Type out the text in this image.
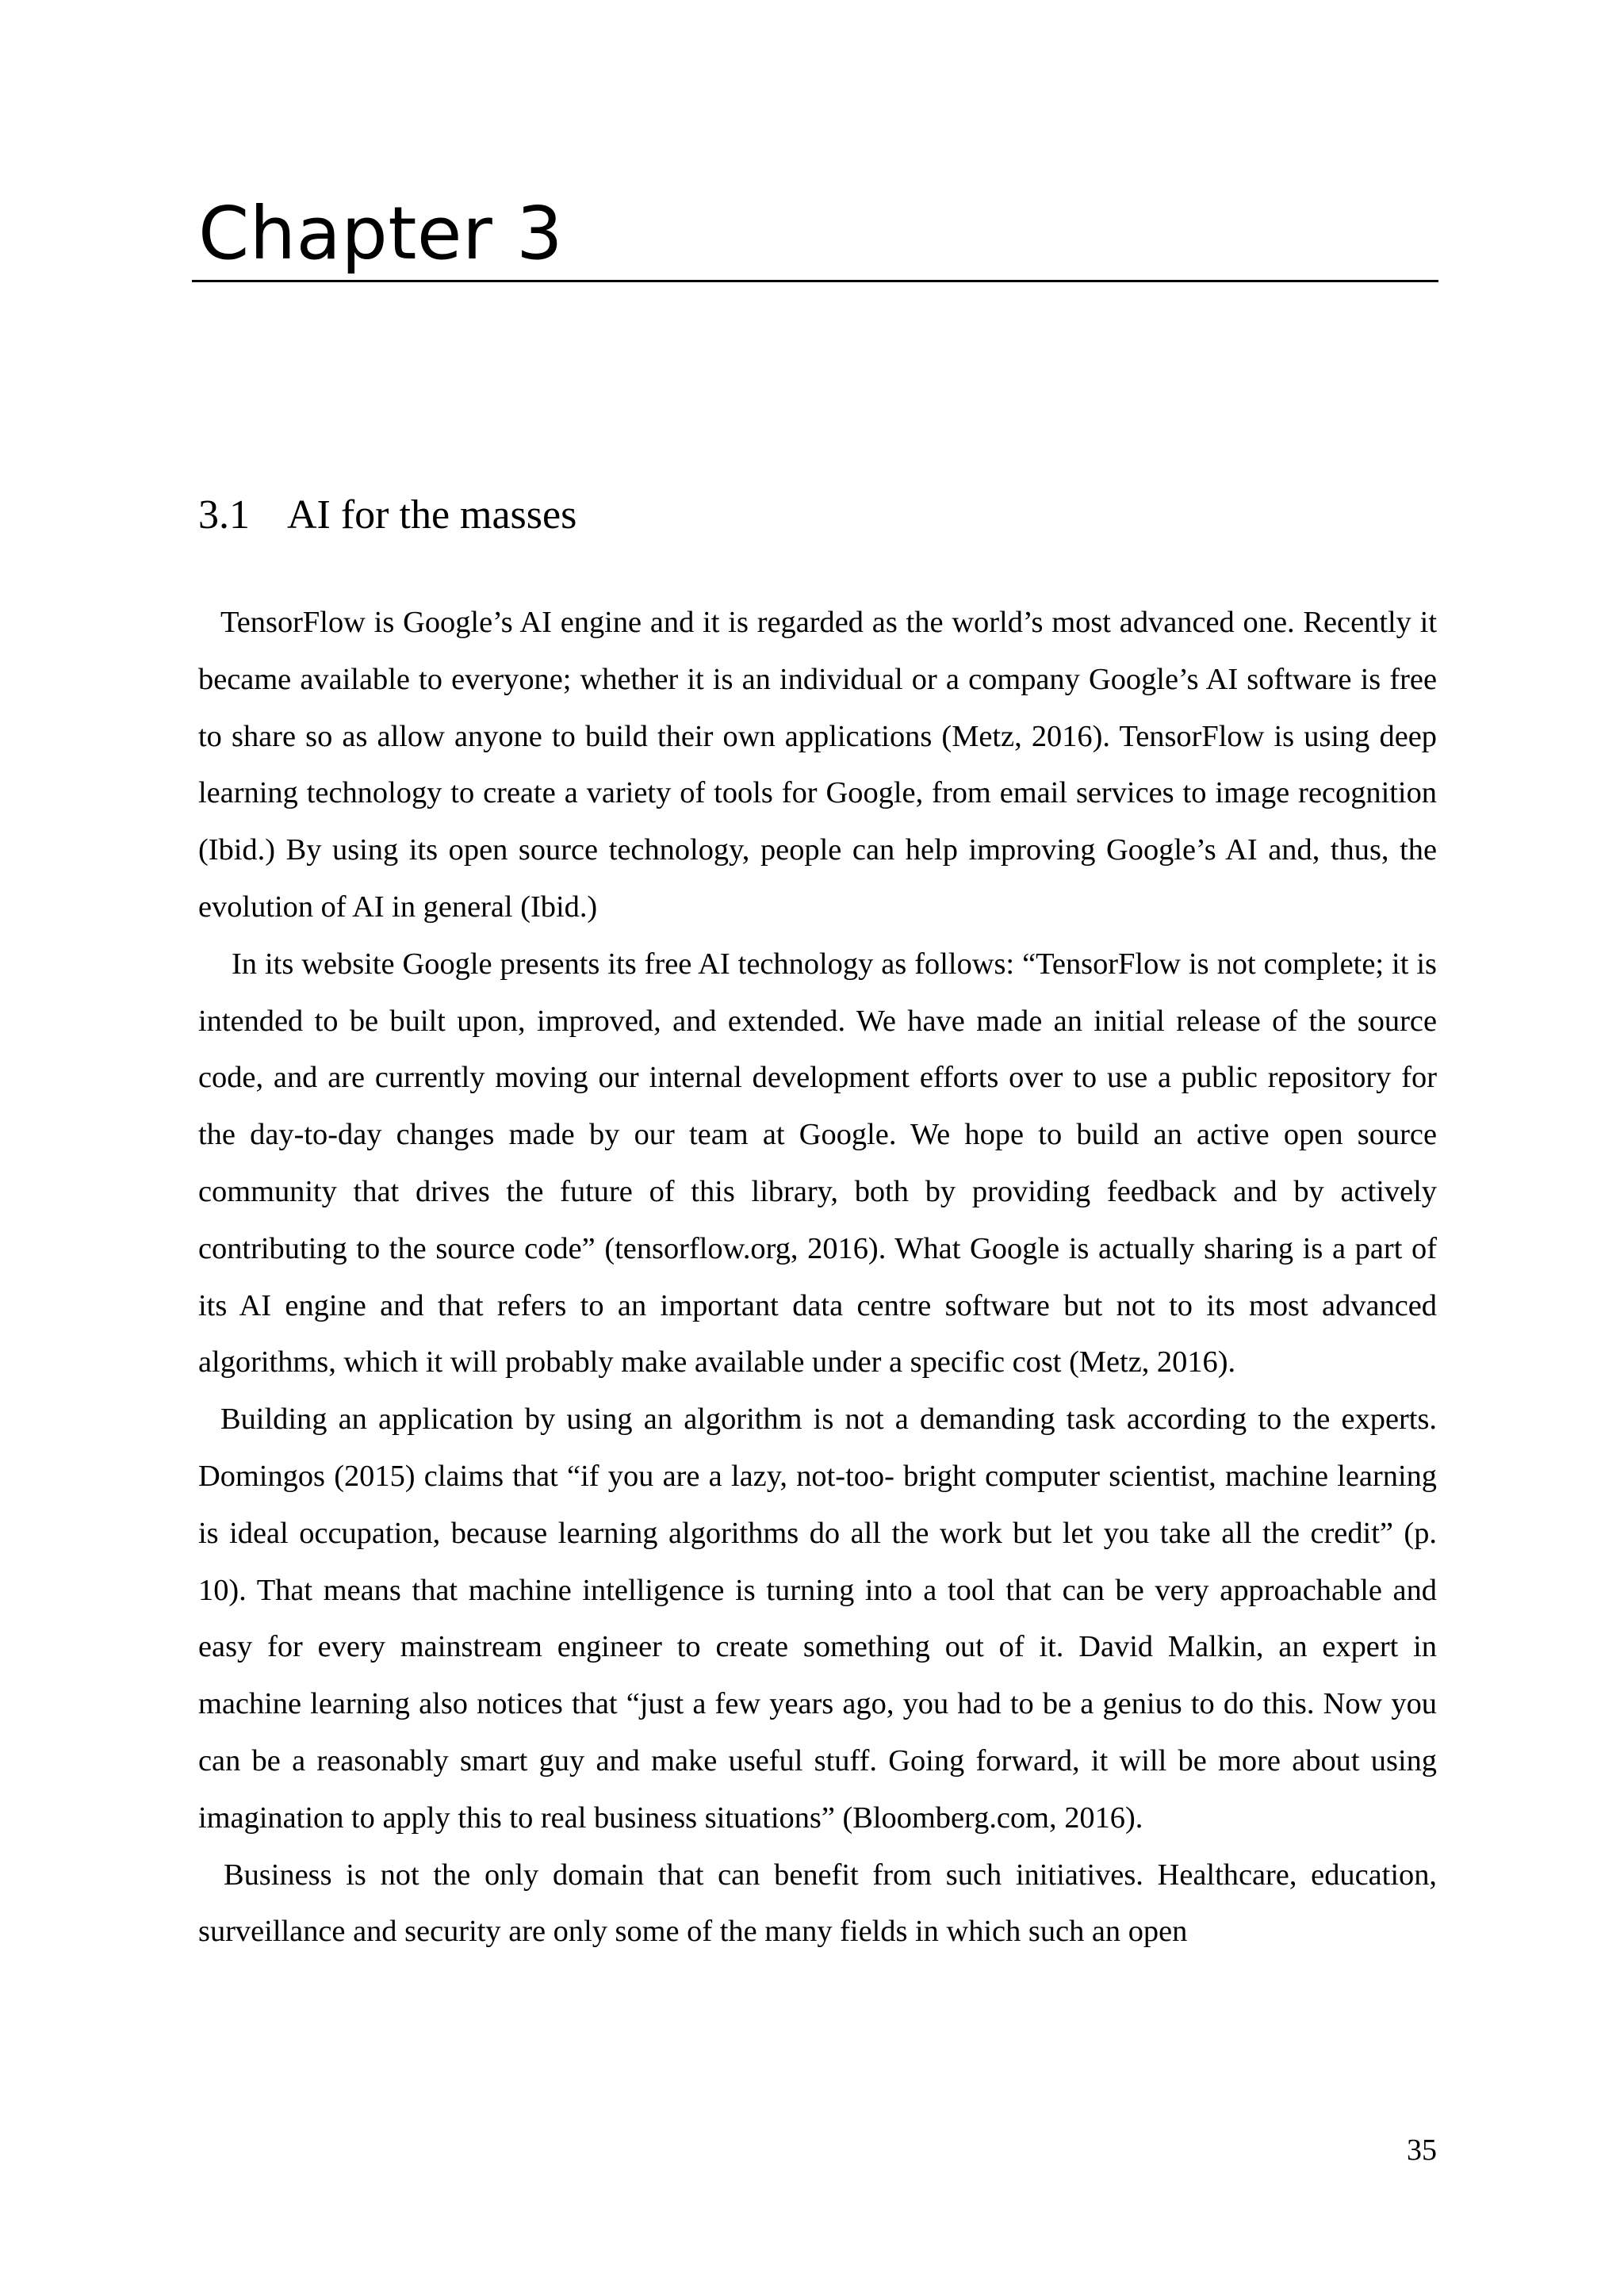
Chapter 3
3.1 AI for the masses

TensorFlow is Google’s AI engine and it is regarded as the world’s most advanced one. Recently it became available to everyone; whether it is an individual or a company Google’s AI software is free to share so as allow anyone to build their own applications (Metz, 2016). TensorFlow is using deep learning technology to create a variety of tools for Google, from email services to image recognition (Ibid.) By using its open source technology, people can help improving Google’s AI and, thus, the evolution of AI in general (Ibid.)

In its website Google presents its free AI technology as follows: “TensorFlow is not complete; it is intended to be built upon, improved, and extended. We have made an initial release of the source code, and are currently moving our internal development efforts over to use a public repository for the day-to-day changes made by our team at Google. We hope to build an active open source community that drives the future of this library, both by providing feedback and by actively contributing to the source code” (tensorflow.org, 2016). What Google is actually sharing is a part of its AI engine and that refers to an important data centre software but not to its most advanced algorithms, which it will probably make available under a specific cost (Metz, 2016).

Building an application by using an algorithm is not a demanding task according to the experts. Domingos (2015) claims that “if you are a lazy, not-too- bright computer scientist, machine learning is ideal occupation, because learning algorithms do all the work but let you take all the credit” (p. 10). That means that machine intelligence is turning into a tool that can be very approachable and easy for every mainstream engineer to create something out of it. David Malkin, an expert in machine learning also notices that “just a few years ago, you had to be a genius to do this. Now you can be a reasonably smart guy and make useful stuff. Going forward, it will be more about using imagination to apply this to real business situations” (Bloomberg.com, 2016).

Business is not the only domain that can benefit from such initiatives. Healthcare, education, surveillance and security are only some of the many fields in which such an open

35
